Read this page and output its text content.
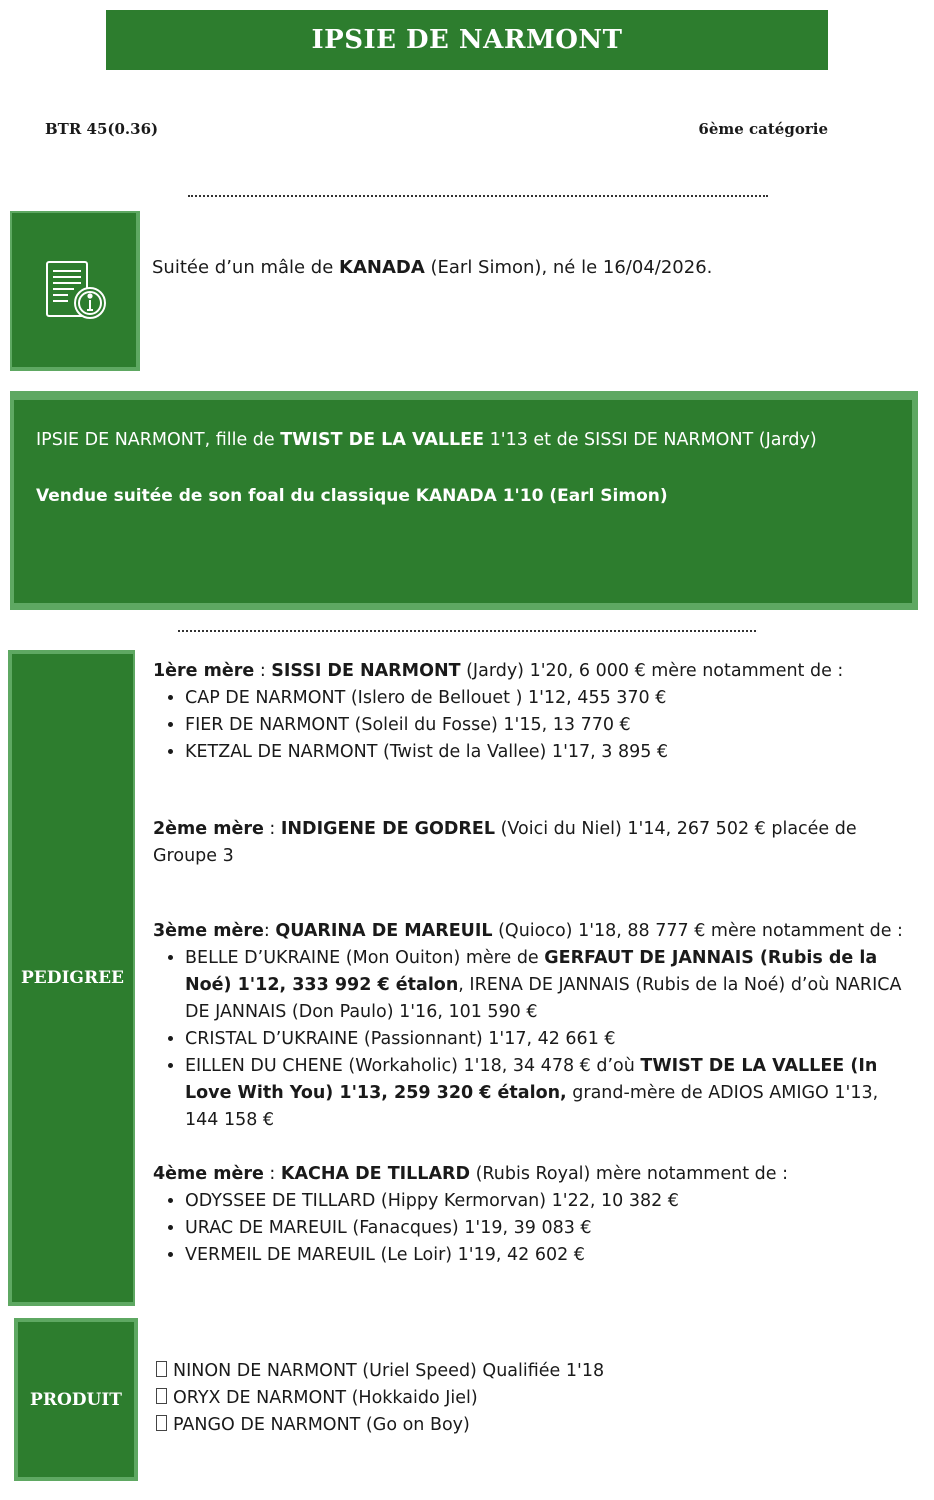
IPSIE DE NARMONT
BTR 45(0.36)	6ème catégorie
Suitée d’un mâle de KANADA (Earl Simon), né le 16/04/2026.
IPSIE DE NARMONT, fille de TWIST DE LA VALLEE 1'13 et de SISSI DE NARMONT (Jardy)
Vendue suitée de son foal du classique KANADA 1'10 (Earl Simon)
PEDIGREE

1ère mère : SISSI DE NARMONT (Jardy) 1'20, 6 000 € mère notamment de :

• CAP DE NARMONT (Islero de Bellouet ) 1'12, 455 370 €
• FIER DE NARMONT (Soleil du Fosse) 1'15, 13 770 €
• KETZAL DE NARMONT (Twist de la Vallee) 1'17, 3 895 €

2ème mère : INDIGENE DE GODREL (Voici du Niel) 1'14, 267 502 € placée de Groupe 3

3ème mère: QUARINA DE MAREUIL (Quioco) 1'18, 88 777 € mère notamment de :

• BELLE D’UKRAINE (Mon Ouiton) mère de GERFAUT DE JANNAIS (Rubis de la Noé) 1'12, 333 992 € étalon, IRENA DE JANNAIS (Rubis de la Noé) d’où NARICA DE JANNAIS (Don Paulo) 1'16, 101 590 €
• CRISTAL D’UKRAINE (Passionnant) 1'17, 42 661 €
• EILLEN DU CHENE (Workaholic) 1'18, 34 478 € d’où TWIST DE LA VALLEE (In Love With You) 1'13, 259 320 € étalon, grand-mère de ADIOS AMIGO 1'13, 144 158 €

4ème mère : KACHA DE TILLARD (Rubis Royal) mère notamment de :

• ODYSSEE DE TILLARD (Hippy Kermorvan) 1'22, 10 382 €
• URAC DE MAREUIL (Fanacques) 1'19, 39 083 €
• VERMEIL DE MAREUIL (Le Loir) 1'19, 42 602 €
PRODUIT
NINON DE NARMONT (Uriel Speed) Qualifiée 1'18
ORYX DE NARMONT (Hokkaido Jiel)
PANGO DE NARMONT (Go on Boy)
